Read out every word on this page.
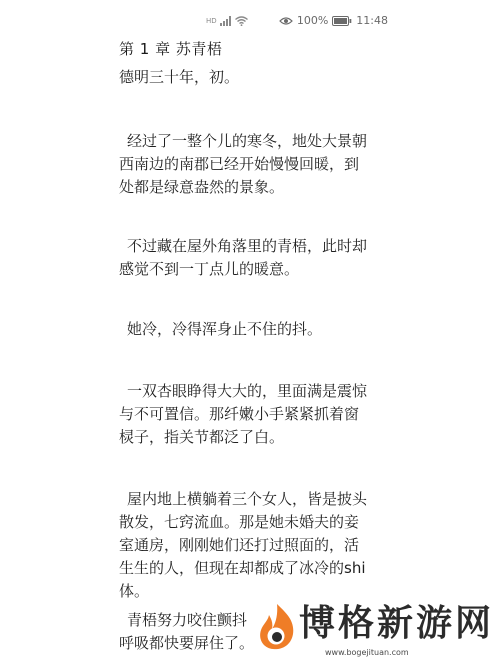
HD	100%	11:48
第 1 章 苏青梧

德明三十年，初。

经过了一整个儿的寒冬，地处大景朝西南边的南郡已经开始慢慢回暖，到处都是绿意盎然的景象。

不过藏在屋外角落里的青梧，此时却感觉不到一丁点儿的暖意。

她冷，冷得浑身止不住的抖。

一双杏眼睁得大大的，里面满是震惊与不可置信。那纤嫩小手紧紧抓着窗棂子，指关节都泛了白。

屋内地上横躺着三个女人，皆是披头散发，七窍流血。那是她未婚夫的妾室通房，刚刚她们还打过照面的，活生生的人，但现在却都成了冰冷的shi体。

青梧努力咬住颤抖呼吸都快要屏住了。 博格新游网
www.bogejituan.com
